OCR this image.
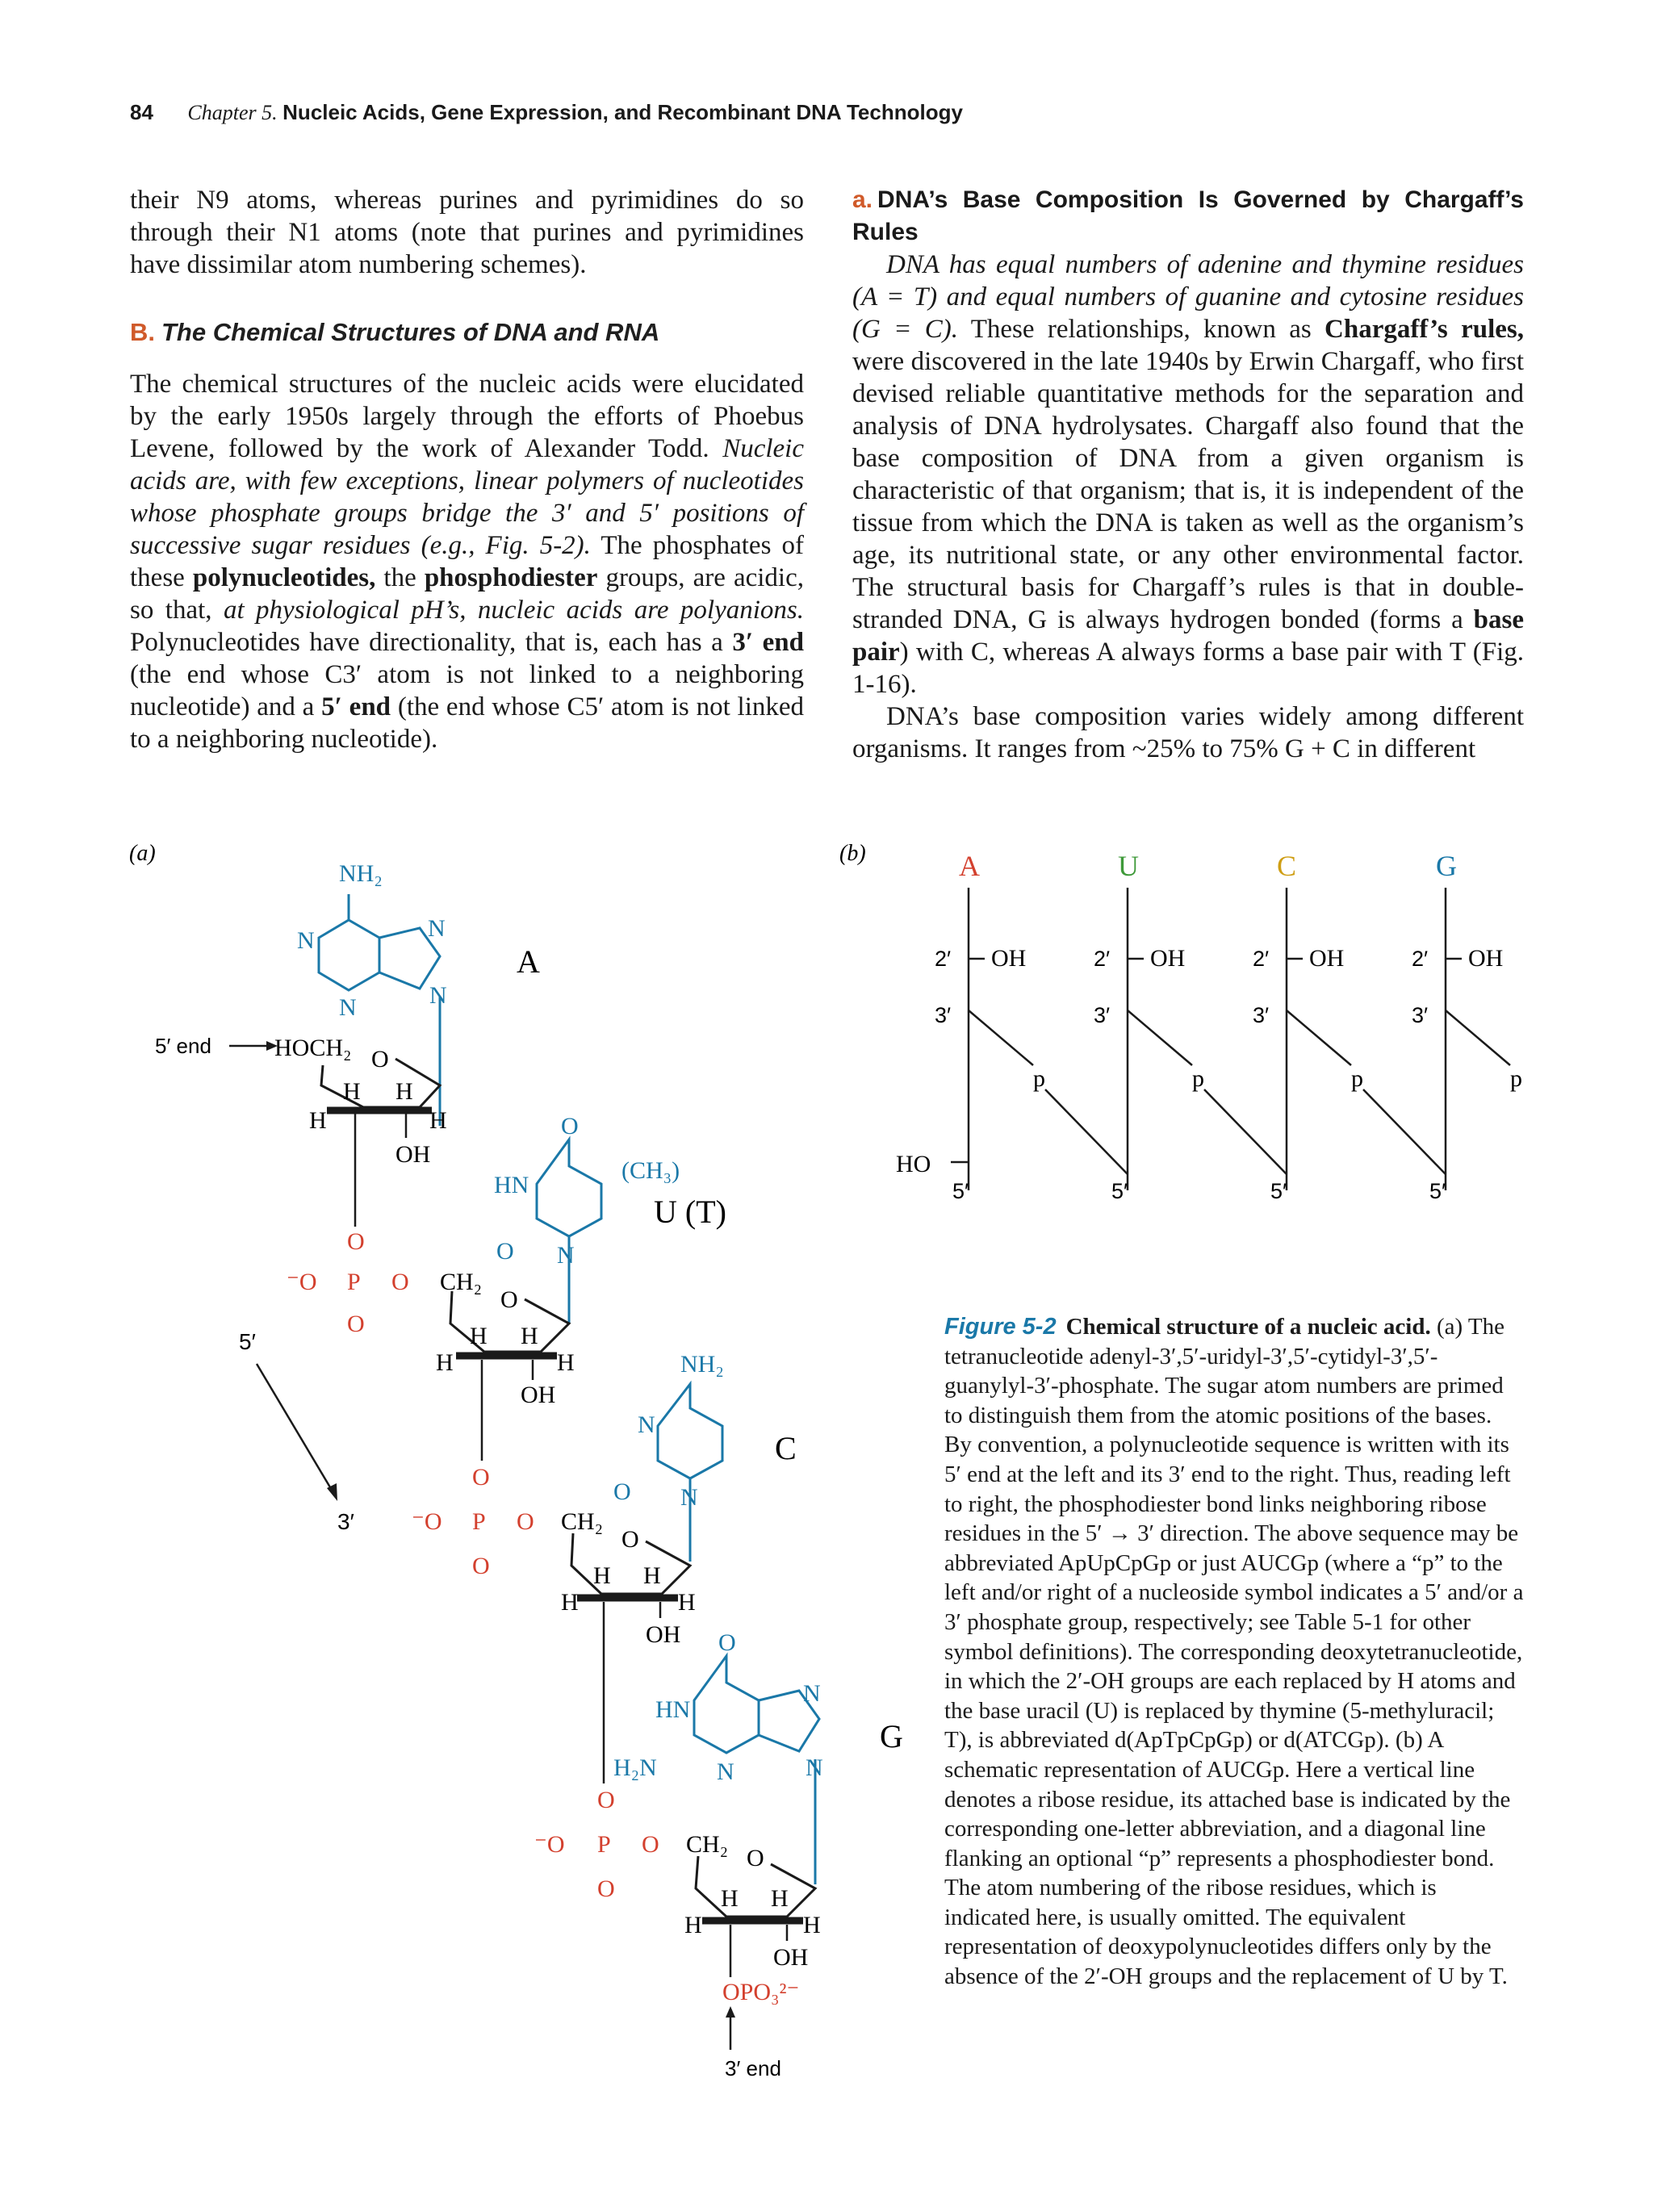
84 Chapter 5. Nucleic Acids, Gene Expression, and Recombinant DNA Technology

their N9 atoms, whereas purines and pyrimidines do so through their N1 atoms (note that purines and pyrimidines have dissimilar atom numbering schemes).

B. The Chemical Structures of DNA and RNA

The chemical structures of the nucleic acids were elucidated by the early 1950s largely through the efforts of Phoebus Levene, followed by the work of Alexander Todd. Nucleic acids are, with few exceptions, linear polymers of nucleotides whose phosphate groups bridge the 3′ and 5′ positions of successive sugar residues (e.g., Fig. 5-2). The phosphates of these polynucleotides, the phosphodiester groups, are acidic, so that, at physiological pH’s, nucleic acids are polyanions. Polynucleotides have directionality, that is, each has a 3′ end (the end whose C3′ atom is not linked to a neighboring nucleotide) and a 5′ end (the end whose C5′ atom is not linked to a neighboring nucleotide).

a. DNA’s Base Composition Is Governed by Chargaff’s Rules

DNA has equal numbers of adenine and thymine residues (A = T) and equal numbers of guanine and cytosine residues (G = C). These relationships, known as Chargaff’s rules, were discovered in the late 1940s by Erwin Chargaff, who first devised reliable quantitative methods for the separation and analysis of DNA hydrolysates. Chargaff also found that the base composition of DNA from a given organism is characteristic of that organism; that is, it is independent of the tissue from which the DNA is taken as well as the organism’s age, its nutritional state, or any other environmental factor. The structural basis for Chargaff’s rules is that in double-stranded DNA, G is always hydrogen bonded (forms a base pair) with C, whereas A always forms a base pair with T (Fig. 1-16).

DNA’s base composition varies widely among different organisms. It ranges from ~25% to 75% G + C in different

(a)	(b)
NH₂
N
N
N
N
A
5′ end	HOCH₂ O
H H
H	H
OH
O
⁻O P O
O
CH₂
O
HN
O N
(CH₃)
U (T)
O
H H
H	H
OH
5′
3′
O
⁻O P O
O
CH₂
NH₂
N
O N
C
O
H H
H	H
OH
O
⁻O P O
O
CH₂
O
HN
H₂N N
N
N
G
O
H H
H	H
OH
OPO₃²⁻
3′ end
A
2′ OH
3′
5′
p
U
2′ OH
3′
5′
p
C
2′ OH
3′
5′
p
G
2′ OH
3′
5′
p
HO
Figure 5-2 Chemical structure of a nucleic acid. (a) The tetranucleotide adenyl-3′,5′-uridyl-3′,5′-cytidyl-3′,5′-guanylyl-3′-phosphate. The sugar atom numbers are primed to distinguish them from the atomic positions of the bases. By convention, a polynucleotide sequence is written with its 5′ end at the left and its 3′ end to the right. Thus, reading left to right, the phosphodiester bond links neighboring ribose residues in the 5′ → 3′ direction. The above sequence may be abbreviated ApUpCpGp or just AUCGp (where a “p” to the left and/or right of a nucleoside symbol indicates a 5′ and/or a 3′ phosphate group, respectively; see Table 5-1 for other symbol definitions). The corresponding deoxytetranucleotide, in which the 2′-OH groups are each replaced by H atoms and the base uracil (U) is replaced by thymine (5-methyluracil; T), is abbreviated d(ApTpCpGp) or d(ATCGp). (b) A schematic representation of AUCGp. Here a vertical line denotes a ribose residue, its attached base is indicated by the corresponding one-letter abbreviation, and a diagonal line flanking an optional “p” represents a phosphodiester bond. The atom numbering of the ribose residues, which is indicated here, is usually omitted. The equivalent representation of deoxypolynucleotides differs only by the absence of the 2′-OH groups and the replacement of U by T.
